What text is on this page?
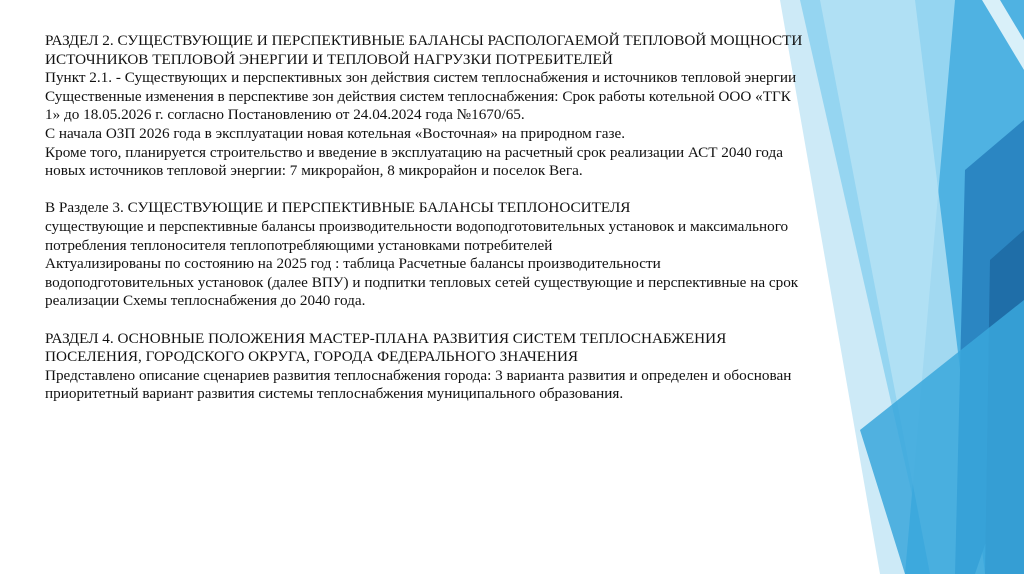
РАЗДЕЛ 2. СУЩЕСТВУЮЩИЕ И ПЕРСПЕКТИВНЫЕ БАЛАНСЫ РАСПОЛОГАЕМОЙ ТЕПЛОВОЙ МОЩНОСТИ
ИСТОЧНИКОВ ТЕПЛОВОЙ ЭНЕРГИИ И ТЕПЛОВОЙ НАГРУЗКИ ПОТРЕБИТЕЛЕЙ
Пункт 2.1. - Существующих и перспективных зон действия систем теплоснабжения и источников тепловой энергии
Существенные изменения в перспективе зон действия систем теплоснабжения: Срок работы котельной ООО «ТГК
1» до 18.05.2026 г. согласно Постановлению от 24.04.2024 года №1670/65.
С начала ОЗП 2026 года в эксплуатации новая котельная «Восточная» на природном газе.
Кроме того, планируется строительство и введение в эксплуатацию на расчетный срок реализации АСТ 2040 года
новых источников тепловой энергии: 7 микрорайон, 8 микрорайон и поселок Вега.
В Разделе 3. СУЩЕСТВУЮЩИЕ И ПЕРСПЕКТИВНЫЕ БАЛАНСЫ ТЕПЛОНОСИТЕЛЯ
существующие и перспективные балансы производительности водоподготовительных установок и максимального
потребления теплоносителя теплопотребляющими установками потребителей
Актуализированы по состоянию на 2025 год : таблица Расчетные балансы производительности
водоподготовительных установок (далее ВПУ) и подпитки тепловых сетей существующие и перспективные на срок
реализации Схемы теплоснабжения до 2040 года.
РАЗДЕЛ 4. ОСНОВНЫЕ ПОЛОЖЕНИЯ МАСТЕР-ПЛАНА РАЗВИТИЯ СИСТЕМ ТЕПЛОСНАБЖЕНИЯ
ПОСЕЛЕНИЯ, ГОРОДСКОГО ОКРУГА, ГОРОДА ФЕДЕРАЛЬНОГО ЗНАЧЕНИЯ
Представлено описание сценариев развития теплоснабжения города: 3 варианта развития и определен и обоснован
приоритетный вариант развития системы теплоснабжения муниципального образования.
